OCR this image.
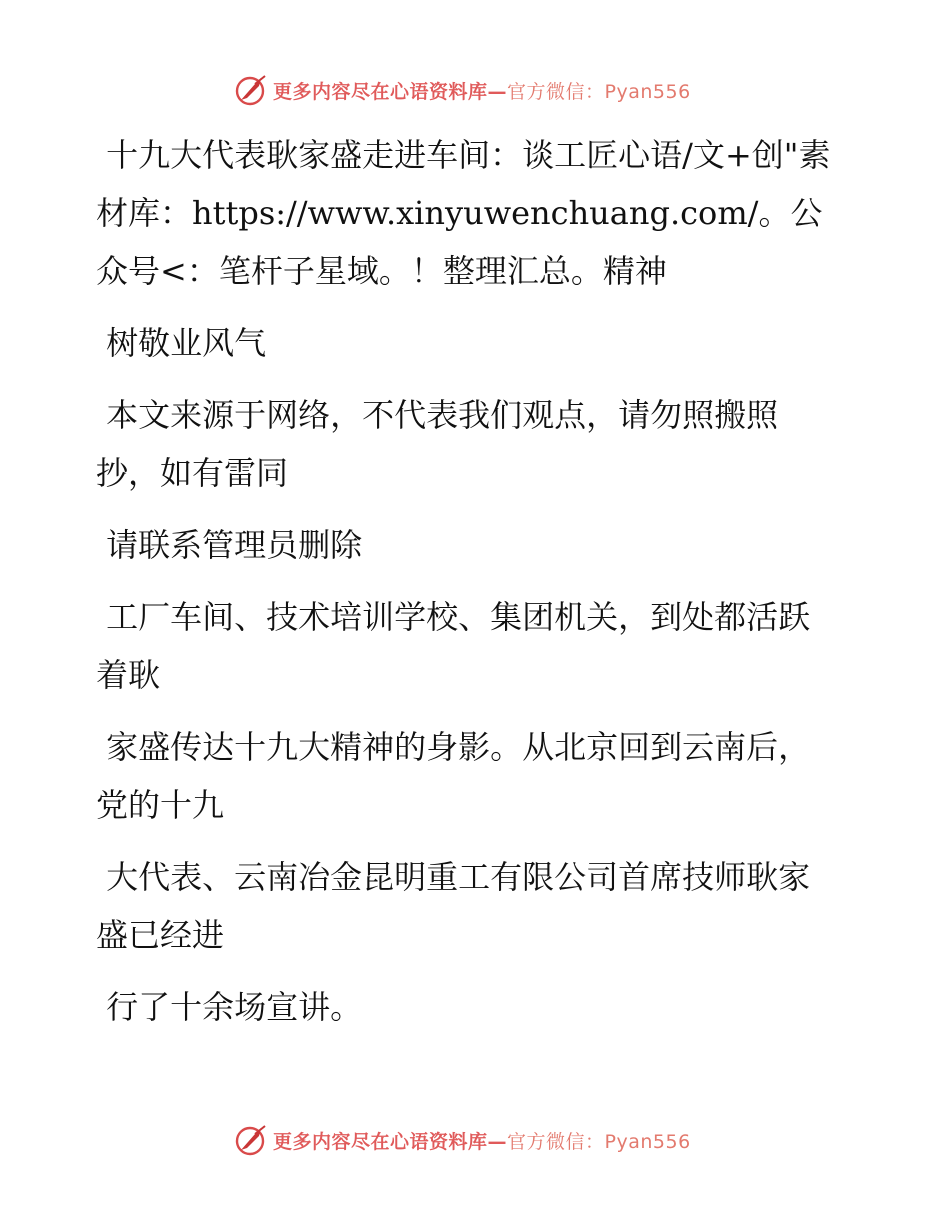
更多内容尽在心语资料库—官方微信：Pyan556

十九大代表耿家盛走进车间：谈工匠心语/文+创"素材库：https://www.xinyuwenchuang.com/。公众号<：笔杆子星域。！整理汇总。精神

树敬业风气

本文来源于网络，不代表我们观点，请勿照搬照抄，如有雷同

请联系管理员删除

工厂车间、技术培训学校、集团机关，到处都活跃着耿

家盛传达十九大精神的身影。从北京回到云南后，党的十九

大代表、云南冶金昆明重工有限公司首席技师耿家盛已经进

行了十余场宣讲。

更多内容尽在心语资料库—官方微信：Pyan556
